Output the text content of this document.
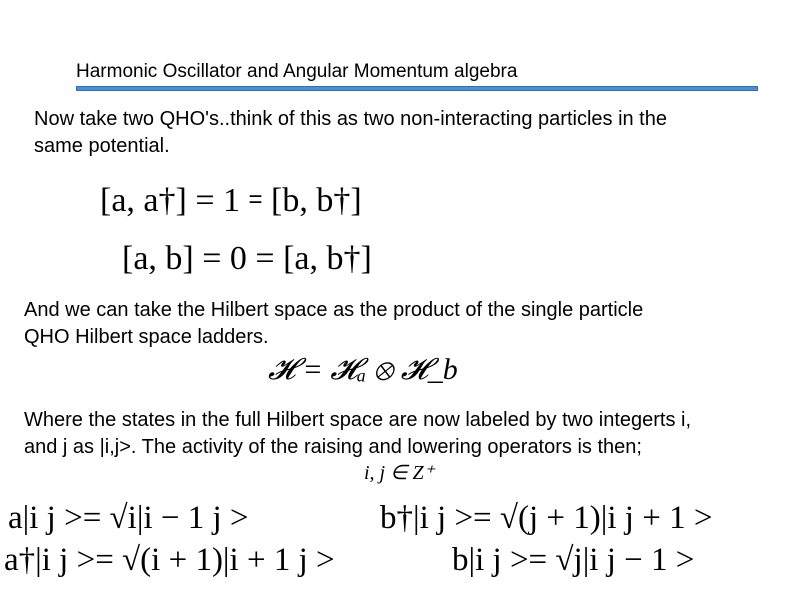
Harmonic Oscillator and Angular Momentum algebra
Now take two QHO's..think of this as two non-interacting particles in the same potential.
[a, a†] = 1 = [b, b†]
[a, b] = 0 = [a, b†]
And we can take the Hilbert space as the product of the single particle QHO Hilbert space ladders.
𝓗 = 𝓗ₐ ⊗ 𝓗_b
Where the states in the full Hilbert space are now labeled by two integerts i, and j as |i,j>. The activity of the raising and lowering operators is then;
i, j ∈ Z⁺
a|i j >= √i|i − 1 j >	b†|i j >= √(j + 1)|i j + 1 >
a†|i j >= √(i + 1)|i + 1 j >	b|i j >= √j|i j − 1 >
